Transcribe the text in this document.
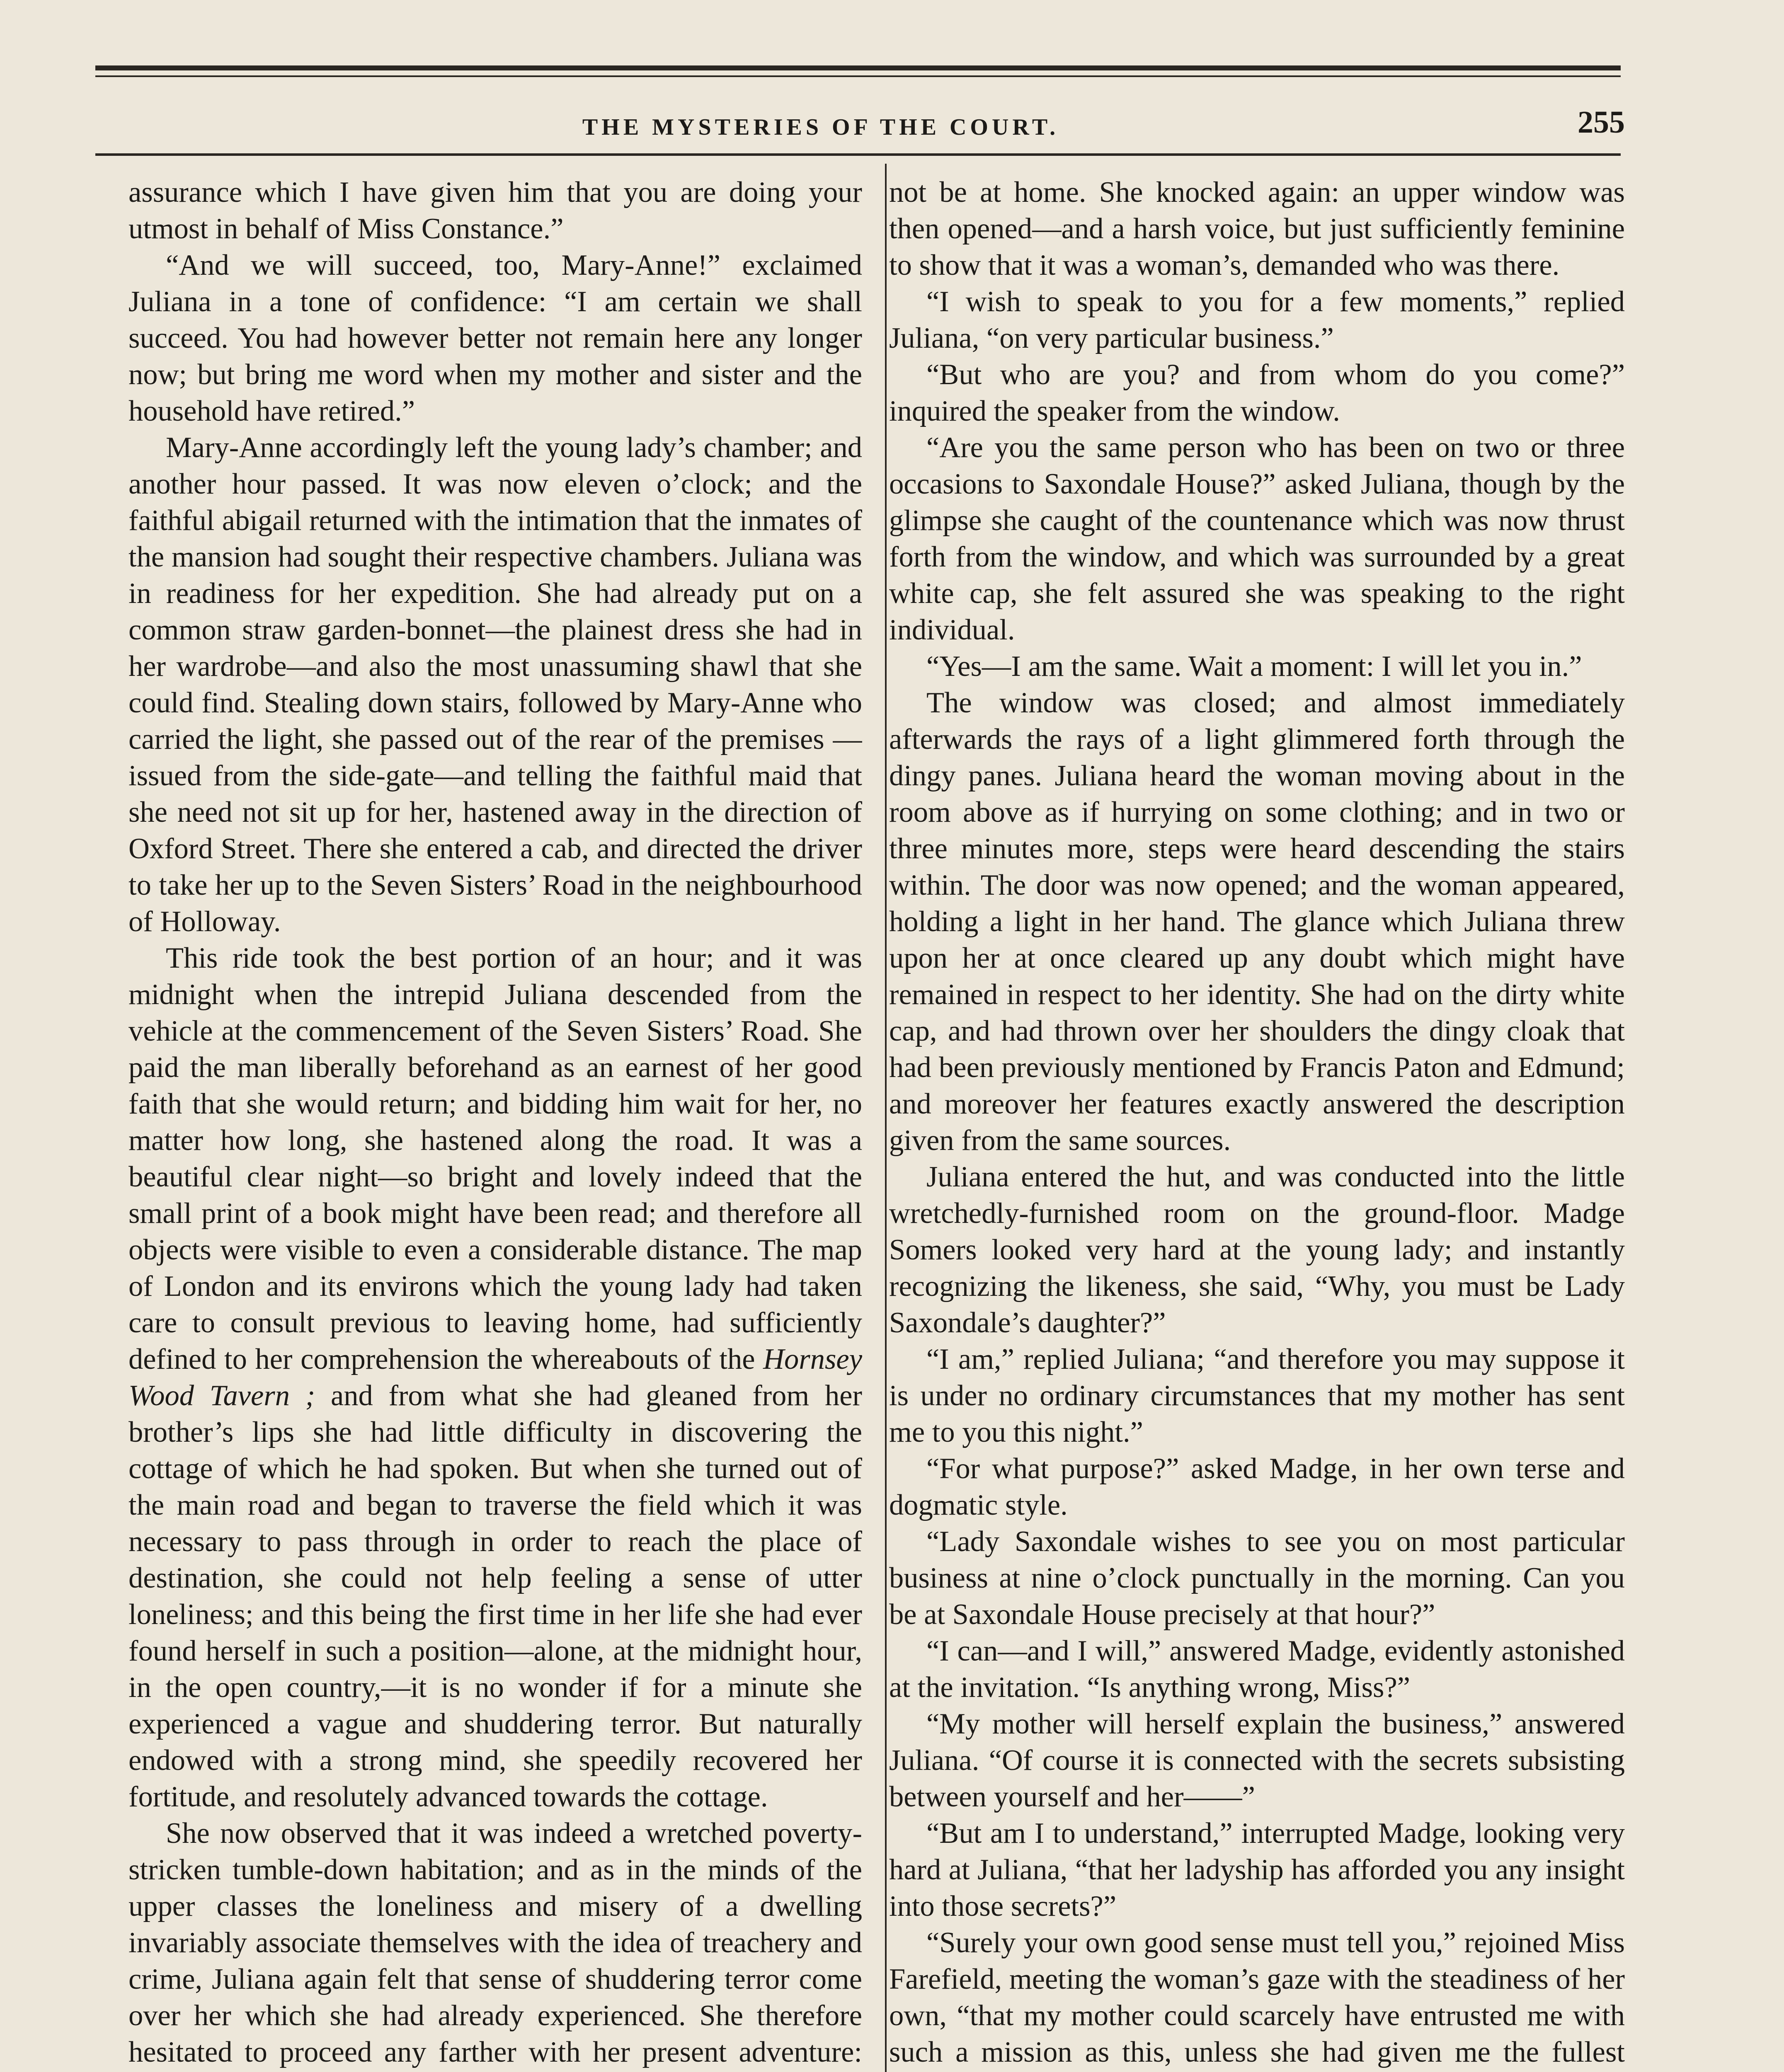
THE MYSTERIES OF THE COURT.	255

assurance which I have given him that you are doing your utmost in behalf of Miss Constance.”

“And we will succeed, too, Mary-Anne!” exclaimed Juliana in a tone of confidence: “I am certain we shall succeed. You had however better not remain here any longer now; but bring me word when my mother and sister and the household have retired.”

Mary-Anne accordingly left the young lady’s chamber; and another hour passed. It was now eleven o’clock; and the faithful abigail returned with the intimation that the inmates of the mansion had sought their respective chambers. Juliana was in readiness for her expedition. She had already put on a common straw garden-bonnet—the plainest dress she had in her wardrobe—and also the most unassuming shawl that she could find. Stealing down stairs, followed by Mary-Anne who carried the light, she passed out of the rear of the premises —issued from the side-gate—and telling the faithful maid that she need not sit up for her, hastened away in the direction of Oxford Street. There she entered a cab, and directed the driver to take her up to the Seven Sisters’ Road in the neighbourhood of Holloway.

This ride took the best portion of an hour; and it was midnight when the intrepid Juliana descended from the vehicle at the commencement of the Seven Sisters’ Road. She paid the man liberally beforehand as an earnest of her good faith that she would return; and bidding him wait for her, no matter how long, she hastened along the road. It was a beautiful clear night—so bright and lovely indeed that the small print of a book might have been read; and therefore all objects were visible to even a considerable distance. The map of London and its environs which the young lady had taken care to consult previous to leaving home, had sufficiently defined to her comprehension the whereabouts of the Hornsey Wood Tavern ; and from what she had gleaned from her brother’s lips she had little difficulty in discovering the cottage of which he had spoken. But when she turned out of the main road and began to traverse the field which it was necessary to pass through in order to reach the place of destination, she could not help feeling a sense of utter loneliness; and this being the first time in her life she had ever found herself in such a position—alone, at the midnight hour, in the open country,—it is no wonder if for a minute she experienced a vague and shuddering terror. But naturally endowed with a strong mind, she speedily recovered her fortitude, and resolutely advanced towards the cottage.

She now observed that it was indeed a wretched poverty-stricken tumble-down habitation; and as in the minds of the upper classes the loneliness and misery of a dwelling invariably associate themselves with the idea of treachery and crime, Juliana again felt that sense of shuddering terror come over her which she had already experienced. She therefore hesitated to proceed any farther with her present adventure:

not be at home. She knocked again: an upper window was then opened—and a harsh voice, but just sufficiently feminine to show that it was a woman’s, demanded who was there.

“I wish to speak to you for a few moments,” replied Juliana, “on very particular business.”

“But who are you? and from whom do you come?” inquired the speaker from the window.

“Are you the same person who has been on two or three occasions to Saxondale House?” asked Juliana, though by the glimpse she caught of the countenance which was now thrust forth from the window, and which was surrounded by a great white cap, she felt assured she was speaking to the right individual.

“Yes—I am the same. Wait a moment: I will let you in.”

The window was closed; and almost immediately afterwards the rays of a light glimmered forth through the dingy panes. Juliana heard the woman moving about in the room above as if hurrying on some clothing; and in two or three minutes more, steps were heard descending the stairs within. The door was now opened; and the woman appeared, holding a light in her hand. The glance which Juliana threw upon her at once cleared up any doubt which might have remained in respect to her identity. She had on the dirty white cap, and had thrown over her shoulders the dingy cloak that had been previously mentioned by Francis Paton and Edmund; and moreover her features exactly answered the description given from the same sources.

Juliana entered the hut, and was conducted into the little wretchedly-furnished room on the ground-floor. Madge Somers looked very hard at the young lady; and instantly recognizing the likeness, she said, “Why, you must be Lady Saxondale’s daughter?”

“I am,” replied Juliana; “and therefore you may suppose it is under no ordinary circumstances that my mother has sent me to you this night.”

“For what purpose?” asked Madge, in her own terse and dogmatic style.

“Lady Saxondale wishes to see you on most particular business at nine o’clock punctually in the morning. Can you be at Saxondale House precisely at that hour?”

“I can—and I will,” answered Madge, evidently astonished at the invitation. “Is anything wrong, Miss?”

“My mother will herself explain the business,” answered Juliana. “Of course it is connected with the secrets subsisting between yourself and her——”

“But am I to understand,” interrupted Madge, looking very hard at Juliana, “that her ladyship has afforded you any insight into those secrets?”

“Surely your own good sense must tell you,” rejoined Miss Farefield, meeting the woman’s gaze with the steadiness of her own, “that my mother could scarcely have entrusted me with such a mission as this, unless she had given me the fullest
